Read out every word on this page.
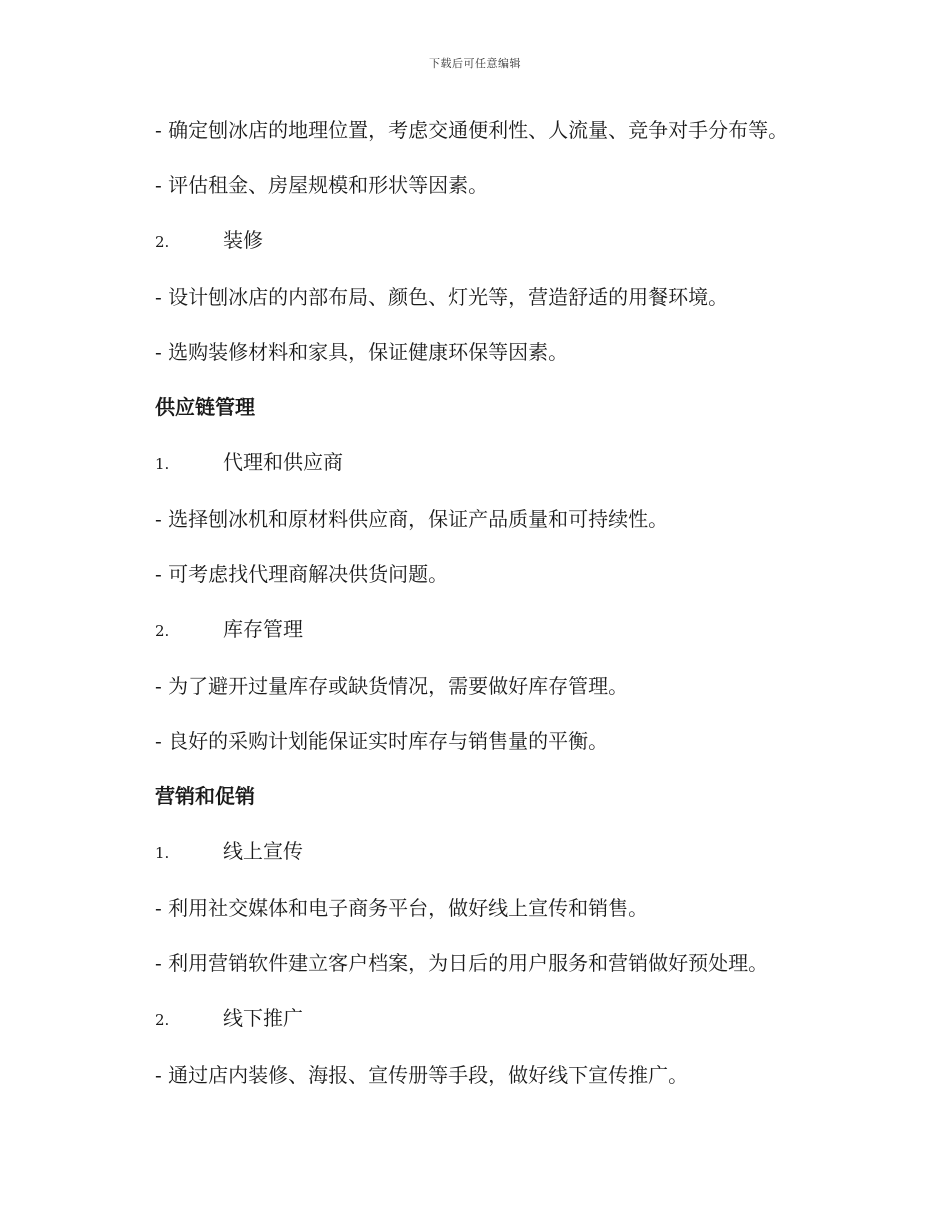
下载后可任意编辑

- 确定刨冰店的地理位置，考虑交通便利性、人流量、竞争对手分布等。

- 评估租金、房屋规模和形状等因素。

2.	装修

- 设计刨冰店的内部布局、颜色、灯光等，营造舒适的用餐环境。

- 选购装修材料和家具，保证健康环保等因素。

供应链管理
1.	代理和供应商

- 选择刨冰机和原材料供应商，保证产品质量和可持续性。

- 可考虑找代理商解决供货问题。

2.	库存管理

- 为了避开过量库存或缺货情况，需要做好库存管理。

- 良好的采购计划能保证实时库存与销售量的平衡。

营销和促销
1.	线上宣传

- 利用社交媒体和电子商务平台，做好线上宣传和销售。

- 利用营销软件建立客户档案，为日后的用户服务和营销做好预处理。

2.	线下推广

- 通过店内装修、海报、宣传册等手段，做好线下宣传推广。
